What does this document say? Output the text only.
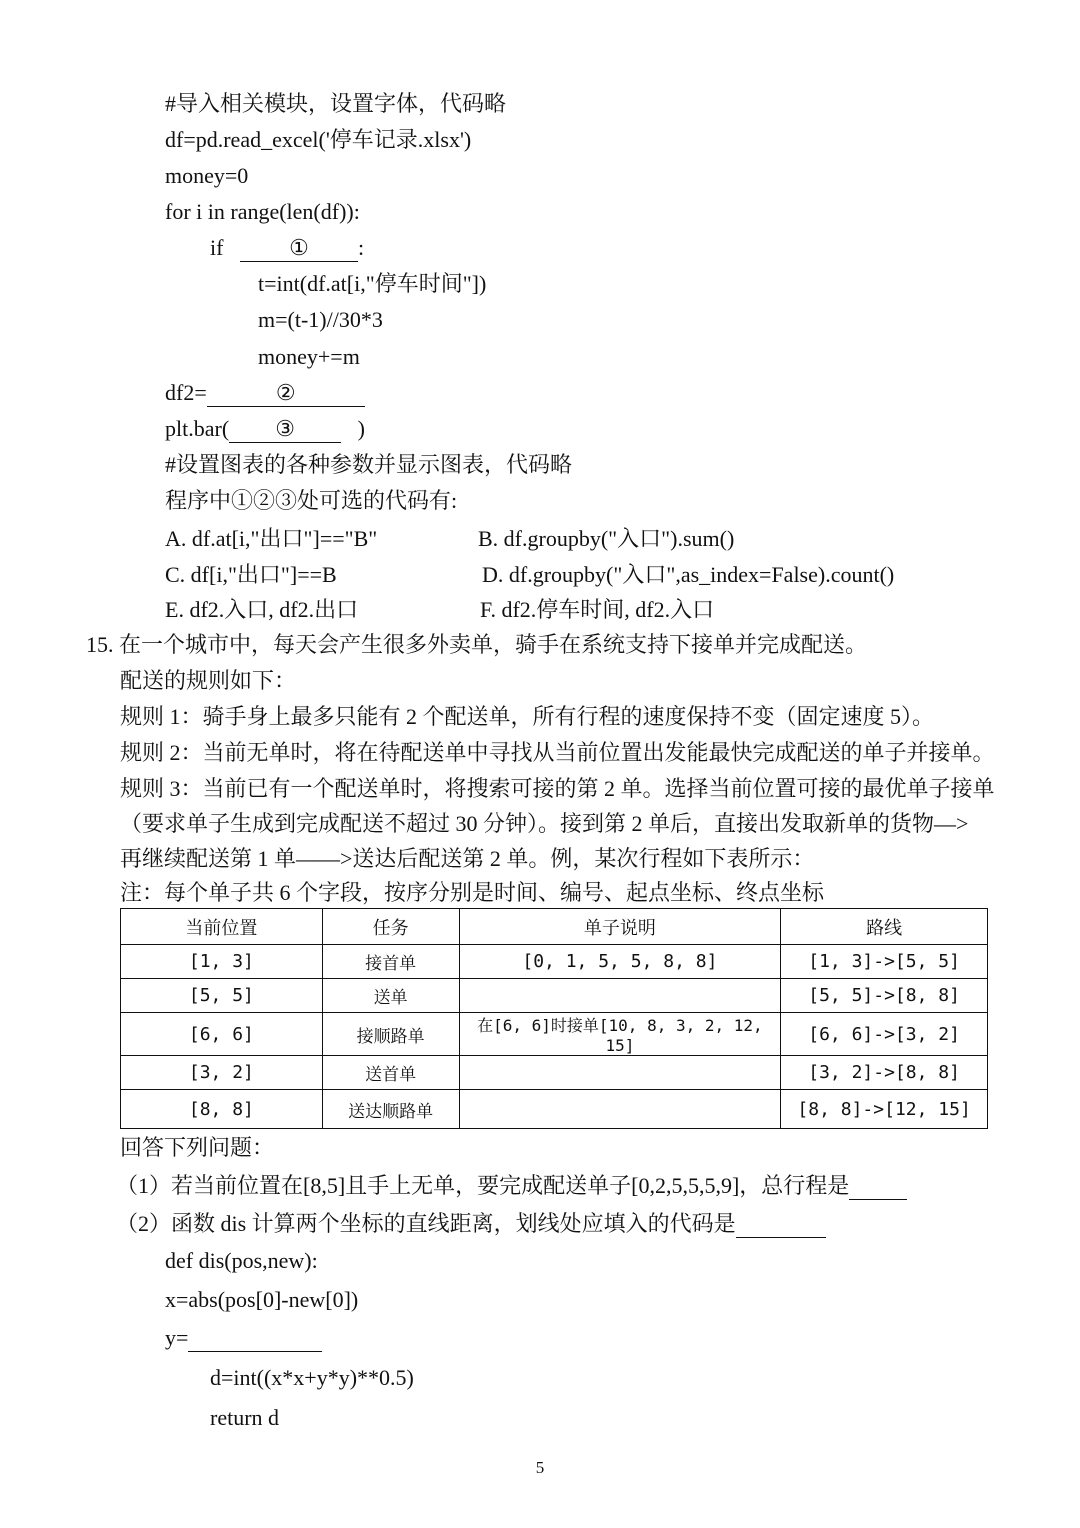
#导入相关模块，设置字体，代码略
df=pd.read_excel('停车记录.xlsx')
money=0
for i in range(len(df)):
if	① :
t=int(df.at[i,"停车时间"])
m=(t-1)//30*3
money+=m
df2=	②
plt.bar( ③	)
#设置图表的各种参数并显示图表，代码略
程序中①②③处可选的代码有:
A. df.at[i,"出口"]=="B"	B. df.groupby("入口").sum()
C. df[i,"出口"]==B	D. df.groupby("入口",as_index=False).count()
E. df2.入口, df2.出口	F. df2.停车时间, df2.入口
15. 在一个城市中，每天会产生很多外卖单，骑手在系统支持下接单并完成配送。
配送的规则如下：
规则 1：骑手身上最多只能有 2 个配送单，所有行程的速度保持不变（固定速度 5）。
规则 2：当前无单时，将在待配送单中寻找从当前位置出发能最快完成配送的单子并接单。
规则 3：当前已有一个配送单时，将搜索可接的第 2 单。选择当前位置可接的最优单子接单
（要求单子生成到完成配送不超过 30 分钟）。接到第 2 单后，直接出发取新单的货物—>
再继续配送第 1 单——>送达后配送第 2 单。例，某次行程如下表所示：
注：每个单子共 6 个字段，按序分别是时间、编号、起点坐标、终点坐标
当前位置	任务	单子说明	路线
[1, 3]	接首单	[0, 1, 5, 5, 8, 8]	[1, 3]->[5, 5]
[5, 5]	送单		[5, 5]->[8, 8]
[6, 6]	接顺路单	在[6, 6]时接单[10, 8, 3, 2, 12, 15]	[6, 6]->[3, 2]
[3, 2]	送首单		[3, 2]->[8, 8]
[8, 8]	送达顺路单		[8, 8]->[12, 15]
回答下列问题：
（1）若当前位置在[8,5]且手上无单，要完成配送单子[0,2,5,5,5,9]，总行程是
（2）函数 dis 计算两个坐标的直线距离，划线处应填入的代码是
def dis(pos,new):
x=abs(pos[0]-new[0])
y=
d=int((x*x+y*y)**0.5)
return d
5
